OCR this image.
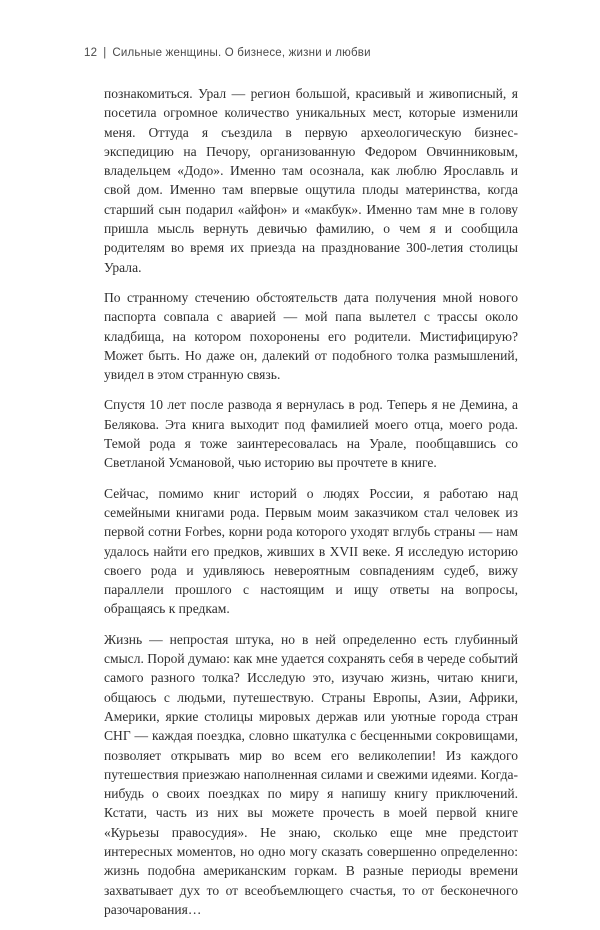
12 | Сильные женщины. О бизнесе, жизни и любви

познакомиться. Урал — регион большой, красивый и живописный, я посетила огромное количество уникальных мест, которые изменили меня. Оттуда я съездила в первую археологическую бизнес-экспедицию на Печору, организованную Федором Овчинниковым, владельцем «Додо». Именно там осознала, как люблю Ярославль и свой дом. Именно там впервые ощутила плоды материнства, когда старший сын подарил «айфон» и «макбук». Именно там мне в голову пришла мысль вернуть девичью фамилию, о чем я и сообщила родителям во время их приезда на празднование 300-летия столицы Урала.

По странному стечению обстоятельств дата получения мной нового паспорта совпала с аварией — мой папа вылетел с трассы около кладбища, на котором похоронены его родители. Мистифицирую? Может быть. Но даже он, далекий от подобного толка размышлений, увидел в этом странную связь.

Спустя 10 лет после развода я вернулась в род. Теперь я не Демина, а Белякова. Эта книга выходит под фамилией моего отца, моего рода. Темой рода я тоже заинтересовалась на Урале, пообщавшись со Светланой Усмановой, чью историю вы прочтете в книге.

Сейчас, помимо книг историй о людях России, я работаю над семейными книгами рода. Первым моим заказчиком стал человек из первой сотни Forbes, корни рода которого уходят вглубь страны — нам удалось найти его предков, живших в XVII веке. Я исследую историю своего рода и удивляюсь невероятным совпадениям судеб, вижу параллели прошлого с настоящим и ищу ответы на вопросы, обращаясь к предкам.

Жизнь — непростая штука, но в ней определенно есть глубинный смысл. Порой думаю: как мне удается сохранять себя в череде событий самого разного толка? Исследую это, изучаю жизнь, читаю книги, общаюсь с людьми, путешествую. Страны Европы, Азии, Африки, Америки, яркие столицы мировых держав или уютные города стран СНГ — каждая поездка, словно шкатулка с бесценными сокровищами, позволяет открывать мир во всем его великолепии! Из каждого путешествия приезжаю наполненная силами и свежими идеями. Когда-нибудь о своих поездках по миру я напишу книгу приключений. Кстати, часть из них вы можете прочесть в моей первой книге «Курьезы правосудия». Не знаю, сколько еще мне предстоит интересных моментов, но одно могу сказать совершенно определенно: жизнь подобна американским горкам. В разные периоды времени захватывает дух то от всеобъемлющего счастья, то от бесконечного разочарования…
